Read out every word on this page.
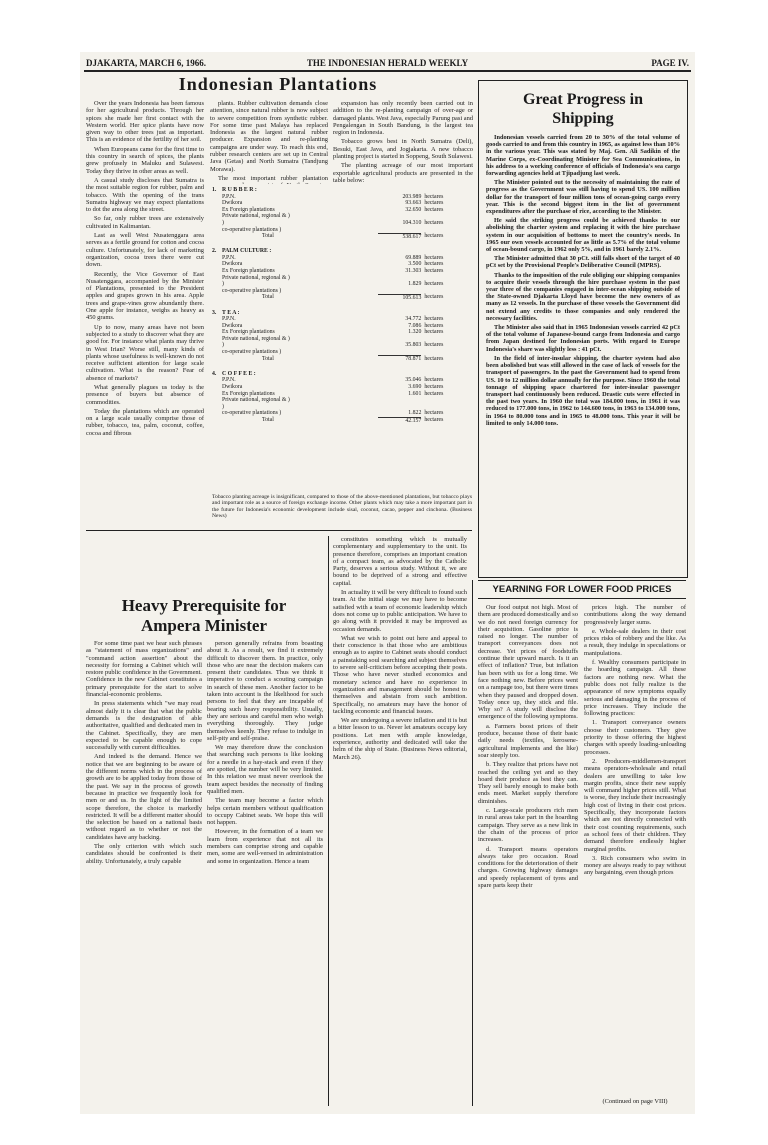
DJAKARTA, MARCH 6, 1966.	THE INDONESIAN HERALD WEEKLY	PAGE IV.
Indonesian Plantations

Over the years Indonesia has been famous for her agricultural products. Through her spices she made her first contact with the Western world. Her spice plants have now given way to other trees just as important. This is an evidence of the fertility of her soil.

When Europeans came for the first time to this country in search of spices, the plants grew profusely in Maluku and Sulawesi. Today they thrive in other areas as well.

A casual study discloses that Sumatra is the most suitable region for rubber, palm and tobacco. With the opening of the trans Sumatra highway we may expect plantations to dot the area along the street.

So far, only rubber trees are extensively cultivated in Kalimantan.

Last as well West Nusatenggara area serves as a fertile ground for cotton and cocoa culture. Unfortunately, for lack of marketing organization, cocoa trees there were cut down.

Recently, the Vice Governor of East Nusatenggara, accompanied by the Minister of Plantations, presented to the President apples and grapes grown in his area. Apple trees and grape-vines grow abundantly there. One apple for instance, weighs as heavy as 450 grams.

Up to now, many areas have not been subjected to a study to discover what they are good for. For instance what plants may thrive in West Irian? Worse still, many kinds of plants whose usefulness is well-known do not receive sufficient attention for large scale cultivation. What is the reason? Fear of absence of markets?

What generally plagues us today is the presence of buyers but absence of commodities.

Today the plantations which are operated on a large scale usually comprise those of rubber, tobacco, tea, palm, coconut, coffee, cocoa and fibrous

plants. Rubber cultivation demands close attention, since natural rubber is now subject to severe competition from synthetic rubber. For some time past Malaya has replaced Indonesia as the largest natural rubber producer. Expansion and re-planting campaigns are under way. To reach this end, rubber research centers are set up in Central Java (Getas) and North Sumatra (Tandjung Morawa).

The most important rubber plantation

expansion has only recently been carried out in addition to the re-planting campaign of over-age or damaged plants. West Java, especially Parung pasi and Pengalengan in South Bandung, is the largest tea region in Indonesia.

Tobacco grows best in North Sumatra (Deli), Besuki, East Java, and Jogjakarta. A new tobacco planting project is started in Soppeng, South Sulawesi.

The planting acreage of our most important exportable agricultural products are presented in the table below:

1.	R U B B E R :		
	P.P.N.	203.989	hectares
	Dwikora	93.663	hectares
	Ex Foreign plantations	32.650	hectares
	Private national, regional & )		
	)	104.310	hectares
	co-operative plantations )		
	Total	538.617	hectares

2.	PALM CULTURE :		
	P.P.N.	69.889	hectares
	Dwikora	3.500	hectares
	Ex Foreign plantations	31.303	hectares
	Private national, regional & )		
	)	1.829	hectares
	co-operative plantations )		
	Total	105.613	hectares

3.	T E A :		
	P.P.N.	34.772	hectares
	Dwikora	7.086	hectares
	Ex Foreign plantations	1.320	hectares
	Private national, regional & )		
	)	35.803	hectares
	co-operative plantations )		
	Total	78.871	hectares

4.	C O F F E E :		
	P.P.N.	35.046	hectares
	Dwikora	3.690	hectares
	Ex Foreign plantations	1.601	hectares
	Private national, regional & )		
	)		
	co-operative plantations )	1.822	hectares
	Total	42.157	hectares
Tobacco planting acreage is insignificant, compared to those of the above-mentioned plantations, but tobacco plays and important role as a source of foreign exchange income. Other plants which may take a more important part in the future for Indonesia's economic development include sisal, coconut, cacao, pepper and cinchona. (Business News)
Great Progress in
Shipping

Indonesian vessels carried from 20 to 30% of the total volume of goods carried to and from this country in 1965, as against less than 10% in the various year. This was stated by Maj. Gen. Ali Sadikin of the Marine Corps, ex-Coordinating Minister for Sea Communications, in his address to a working conference of officials of Indonesia's sea cargo forwarding agencies held at Tjipadjung last week.

The Minister pointed out to the necessity of maintaining the rate of progress as the Government was still having to spend US. 100 million dollar for the transport of four million tons of ocean-going cargo every year. This is the second biggest item in the list of government expenditures after the purchase of rice, according to the Minister.

He said the striking progress could be achieved thanks to our abolishing the charter system and replacing it with the hire purchase system in our acquisition of bottoms to meet the country's needs. In 1965 our own vessels accounted for as little as 5.7% of the total volume of ocean-bound cargo, in 1962 only 5%, and in 1961 barely 2.1%.

The Minister admitted that 30 pCt. still falls short of the target of 40 pCt set by the Provisional People's Deliberative Council (MPRS).

Thanks to the imposition of the rule obliging our shipping companies to acquire their vessels through the hire purchase system in the past year three of the companies engaged in inter-ocean shipping outside of the State-owned Djakarta Lloyd have become the new owners of as many as 12 vessels. In the purchase of these vessels the Government did not extend any credits to those companies and only rendered the necessary facilities.

The Minister also said that in 1965 Indonesian vessels carried 42 pCt of the total volume of Japanese-bound cargo from Indonesia and cargo from Japan destined for Indonesian ports. With regard to Europe Indonesia's share was slightly less : 41 pCt.

In the field of inter-insular shipping, the charter system had also been abolished but was still allowed in the case of lack of vessels for the transport of passengers. In the past the Government had to spend from US. 10 to 12 million dollar annually for the purpose. Since 1960 the total tonnage of shipping space chartered for inter-insular passenger transport had continuously been reduced. Drastic cuts were effected in the past two years. In 1960 the total was 184.000 tons, in 1961 it was reduced to 177.000 tons, in 1962 to 144.600 tons, in 1963 to 134.000 tons, in 1964 to 80.000 tons and in 1965 to 48.000 tons. This year it will be limited to only 14.000 tons.

Heavy Prerequisite for
Ampera Minister

For some time past we hear such phrases as "statement of mass organizations" and "command action assertion" about the necessity for forming a Cabinet which will restore public confidence in the Government. Confidence in the new Cabinet constitutes a primary prerequisite for the start to solve financial-economic problems.

In press statements which "we may read almost daily it is clear that what the public demands is the designation of able authoritative, qualified and dedicated men in the Cabinet. Specifically, they are men expected to be capable enough to cope successfully with current difficulties.

And indeed is the demand. Hence we notice that we are beginning to be aware of the different norms which in the process of growth are to be applied today from those of the past. We say in the process of growth because in practice we frequently look for men or and us. In the light of the limited scope therefore, the choice is markedly restricted. It will be a different matter should the selection be based on a national basis without regard as to whether or not the candidates have any backing.

The only criterion with which such candidates should be confronted is their ability. Unfortunately, a truly capable

person generally refrains from boasting about it. As a result, we find it extremely difficult to discover them. In practice, only those who are near the decision makers can present their candidates. Thus we think it imperative to conduct a scouting campaign in search of these men. Another factor to be taken into account is the likelihood for such persons to feel that they are incapable of bearing such heavy responsibility. Usually, they are serious and careful men who weigh everything thoroughly. They judge themselves keenly. They refuse to indulge in self-pity and self-praise.

We may therefore draw the conclusion that searching such persons is like looking for a needle in a hay-stack and even if they are spotted, the number will be very limited. In this relation we must never overlook the team aspect besides the necessity of finding qualified men.

The team may become a factor which helps certain members without qualification to occupy Cabinet seats. We hope this will not happen.

However, in the formation of a team we learn from experience that not all its members can comprise strong and capable men, some are well-versed in administration and some in organization. Hence a team

constitutes something which is mutually complementary and supplementary to the unit. Its presence therefore, comprises an important creation of a compact team, as advocated by the Catholic Party, deserves a serious study. Without it, we are bound to be deprived of a strong and effective capital.

In actuality it will be very difficult to found such team. At the initial stage we may have to become satisfied with a team of economic leadership which does not come up to public anticipation. We have to go along with it provided it may be improved as occasion demands.

What we wish to point out here and appeal to their conscience is that those who are ambitious enough as to aspire to Cabinet seats should conduct a painstaking soul searching and subject themselves to severe self-criticism before accepting their posts. Those who have never studied economics and monetary science and have no experience in organization and management should be honest to themselves and abstain from such ambition. Specifically, no amateurs may have the honor of tackling economic and financial issues.

We are undergoing a severe inflation and it is but a bitter lesson to us. Never let amateurs occupy key positions. Let men with ample knowledge, experience, authority and dedicated will take the helm of the ship of State. (Business News editorial, March 26).

YEARNING FOR LOWER FOOD PRICES

Our food output not high. Most of them are produced domestically and so we do not need foreign currency for their acquisition. Gasoline price is raised no longer. The number of transport conveyances does not decrease. Yet prices of foodstuffs continue their upward march. Is it an effect of inflation? True, but inflation has been with us for a long time. We face nothing new. Before prices went on a rampage too, but there were times when they paused and dropped down. Today once up, they stick and file. Why so? A study will disclose the emergence of the following symptoms.

a. Farmers boost prices of their produce, because those of their basic daily needs (textiles, kerosene-agricultural implements and the like) soar steeply too.

b. They realize that prices have not reached the ceiling yet and so they hoard their produce as best they can. They sell barely enough to make both ends meet. Market supply therefore diminishes.

c. Large-scale producers rich men in rural areas take part in the hoarding campaign. They serve as a new link in the chain of the process of price increases.

d. Transport means operators always take pro occasion. Road conditions for the deterioration of their charges. Growing highway damages and speedy replacement of tyres and spare parts keep their

prices high. The number of contributions along the way demand progressively larger sums.

e. Whole-sale dealers in their cost prices risks of robbery and the like. As a result, they indulge in speculations or manipulations.

f. Wealthy consumers participate in the hoarding campaign. All these factors are nothing new. What the public does not fully realize is the appearance of new symptoms equally serious and damaging in the process of price increases. They include the following practices:

1. Transport conveyance owners choose their customers. They give priority to those offering the highest charges with speedy loading-unloading processes.

2. Producers-middlemen-transport means operators-wholesale and retail dealers are unwilling to take low margin profits, since their new supply will command higher prices still. What is worse, they include their increasingly high cost of living in their cost prices. Specifically, they incorporate factors which are not directly connected with their cost counting requirements, such as school fees of their children. They demand therefore endlessly higher marginal profits.

3. Rich consumers who swim in money are always ready to pay without any bargaining, even though prices

(Continued on page VIII)
